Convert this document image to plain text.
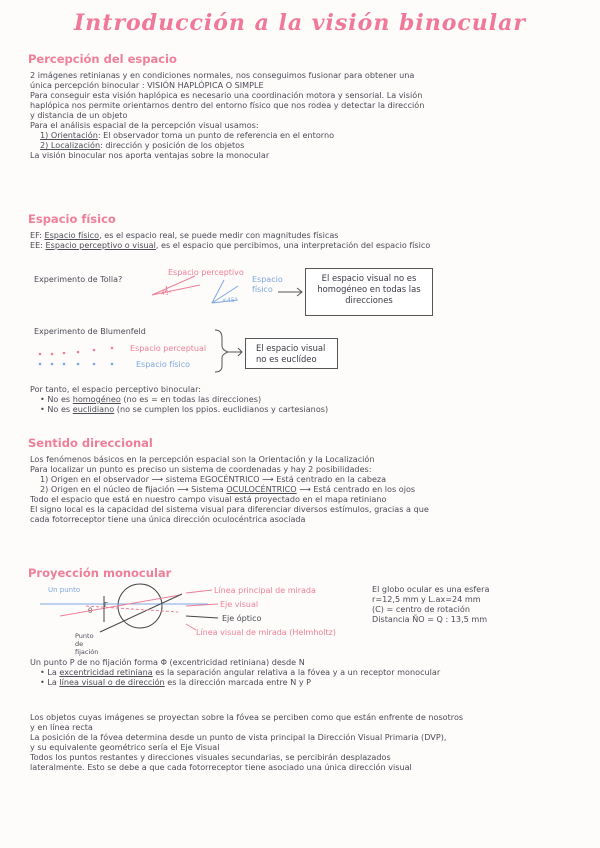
Introducción a la visión binocular
Percepción del espacio
2 imágenes retinianas y en condiciones normales, nos conseguimos fusionar para obtener una
única percepción binocular : VISIÓN HAPLÓPICA O SIMPLE
Para conseguir esta visión haplópica es necesario una coordinación motora y sensorial. La visión
haplópica nos permite orientarnos dentro del entorno físico que nos rodea y detectar la dirección
y distancia de un objeto
Para el análisis espacial de la percepción visual usamos:
1) Orientación: El observador toma un punto de referencia en el entorno
2) Localización: dirección y posición de los objetos
La visión binocular nos aporta ventajas sobre la monocular
Espacio físico
EF: Espacio físico, es el espacio real, se puede medir con magnitudes físicas
EE: Espacio perceptivo o visual, es el espacio que percibimos, una interpretación del espacio físico
Experimento de Tolla?
Espacio perceptivo
45°
Espacio físico
<45°
El espacio visual no es
homogéneo en todas las
direcciones
Experimento de Blumenfeld
Espacio perceptual
Espacio físico
El espacio visual
no es euclídeo
Por tanto, el espacio perceptivo binocular:
• No es homogéneo (no es = en todas las direcciones)
• No es euclidiano (no se cumplen los ppios. euclidianos y cartesianos)
Sentido direccional
Los fenómenos básicos en la percepción espacial son la Orientación y la Localización
Para localizar un punto es preciso un sistema de coordenadas y hay 2 posibilidades:
1) Origen en el observador ⟶ sistema EGOCÉNTRICO ⟶ Está centrado en la cabeza
2) Origen en el núcleo de fijación ⟶ Sistema OCULOCÉNTRICO ⟶ Está centrado en los ojos
Todo el espacio que está en nuestro campo visual está proyectado en el mapa retiniano
El signo local es la capacidad del sistema visual para diferenciar diversos estímulos, gracias a que
cada fotorreceptor tiene una única dirección oculocéntrica asociada
Proyección monocular
Un punto
Punto de fijación
F
θ
Línea principal de mirada
Eje visual
Eje óptico
Línea visual de mirada (Helmholtz)
El globo ocular es una esfera
r=12,5 mm y L.ax=24 mm
(C) = centro de rotación
Distancia ÑO = Q : 13,5 mm
Un punto P de no fijación forma Φ (excentricidad retiniana) desde N
• La excentricidad retiniana es la separación angular relativa a la fóvea y a un receptor monocular
• La línea visual o de dirección es la dirección marcada entre N y P
Los objetos cuyas imágenes se proyectan sobre la fóvea se perciben como que están enfrente de nosotros
y en línea recta
La posición de la fóvea determina desde un punto de vista principal la Dirección Visual Primaria (DVP),
y su equivalente geométrico sería el Eje Visual
Todos los puntos restantes y direcciones visuales secundarias, se percibirán desplazados
lateralmente. Esto se debe a que cada fotorreceptor tiene asociado una única dirección visual
